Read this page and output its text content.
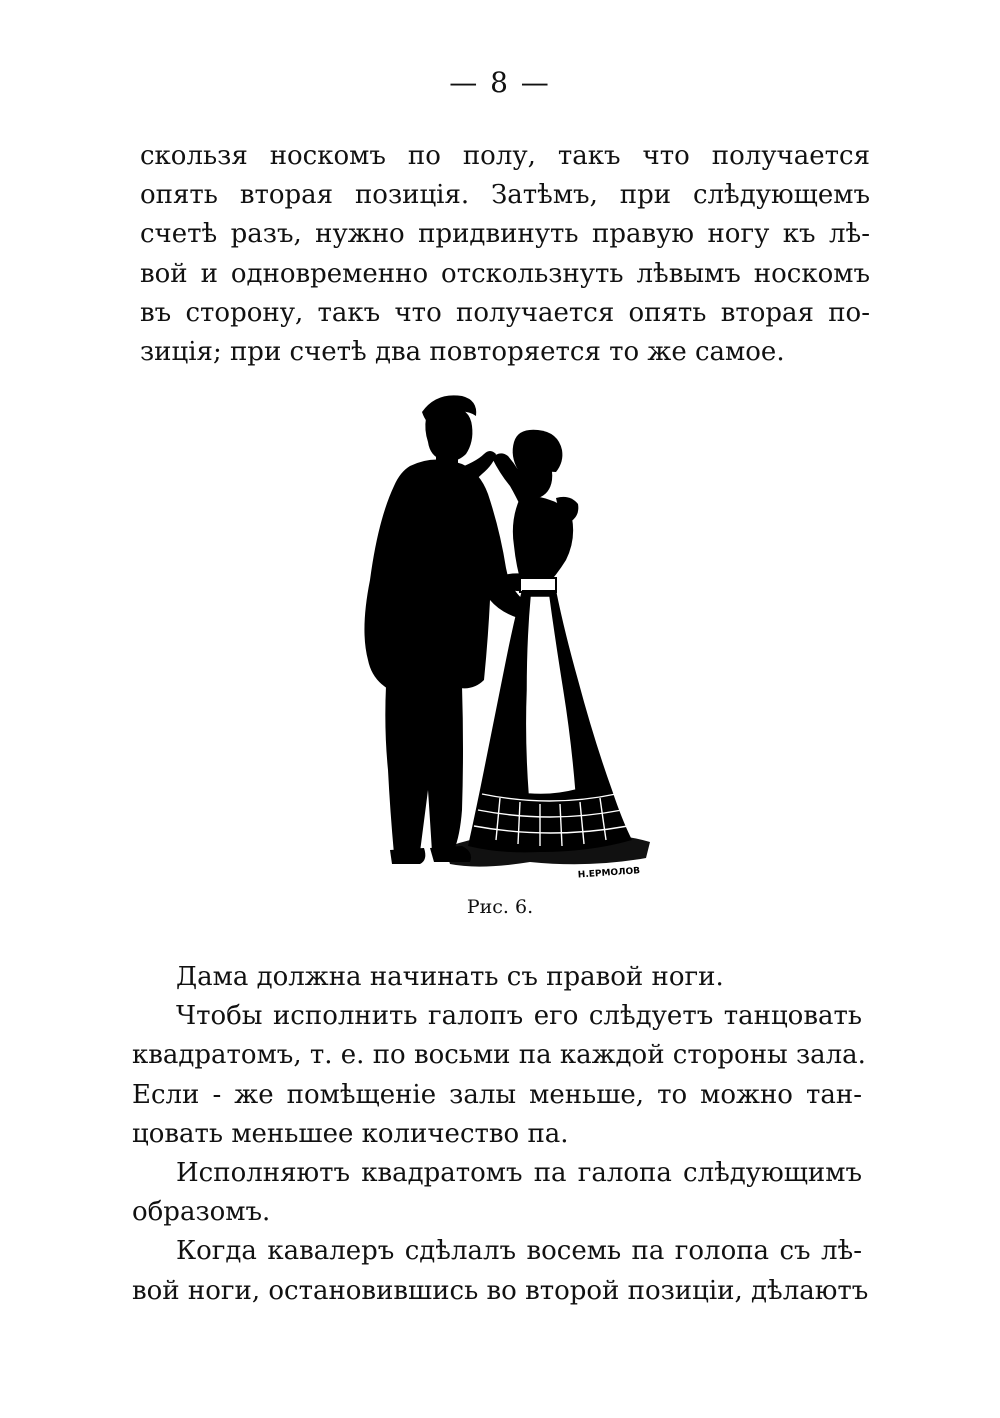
— 8 —
скользя носкомъ по полу, такъ что получается
опять вторая позиція. Затѣмъ, при слѣдующемъ
счетѣ разъ, нужно придвинуть правую ногу къ лѣ-
вой и одновременно отскользнуть лѣвымъ носкомъ
въ сторону, такъ что получается опять вторая по-
зиція; при счетѣ два повторяется то же самое.
Н.ЕРМОЛОВ
Рис. 6.
Дама должна начинать съ правой ноги.
Чтобы исполнить галопъ его слѣдуетъ танцовать
квадратомъ, т. е. по восьми па каждой стороны зала.
Если - же помѣщеніе залы меньше, то можно тан-
цовать меньшее количество па.
Исполняютъ квадратомъ па галопа слѣдующимъ
образомъ.
Когда кавалеръ сдѣлалъ восемь па голопа съ лѣ-
вой ноги, остановившись во второй позиціи, дѣлаютъ
